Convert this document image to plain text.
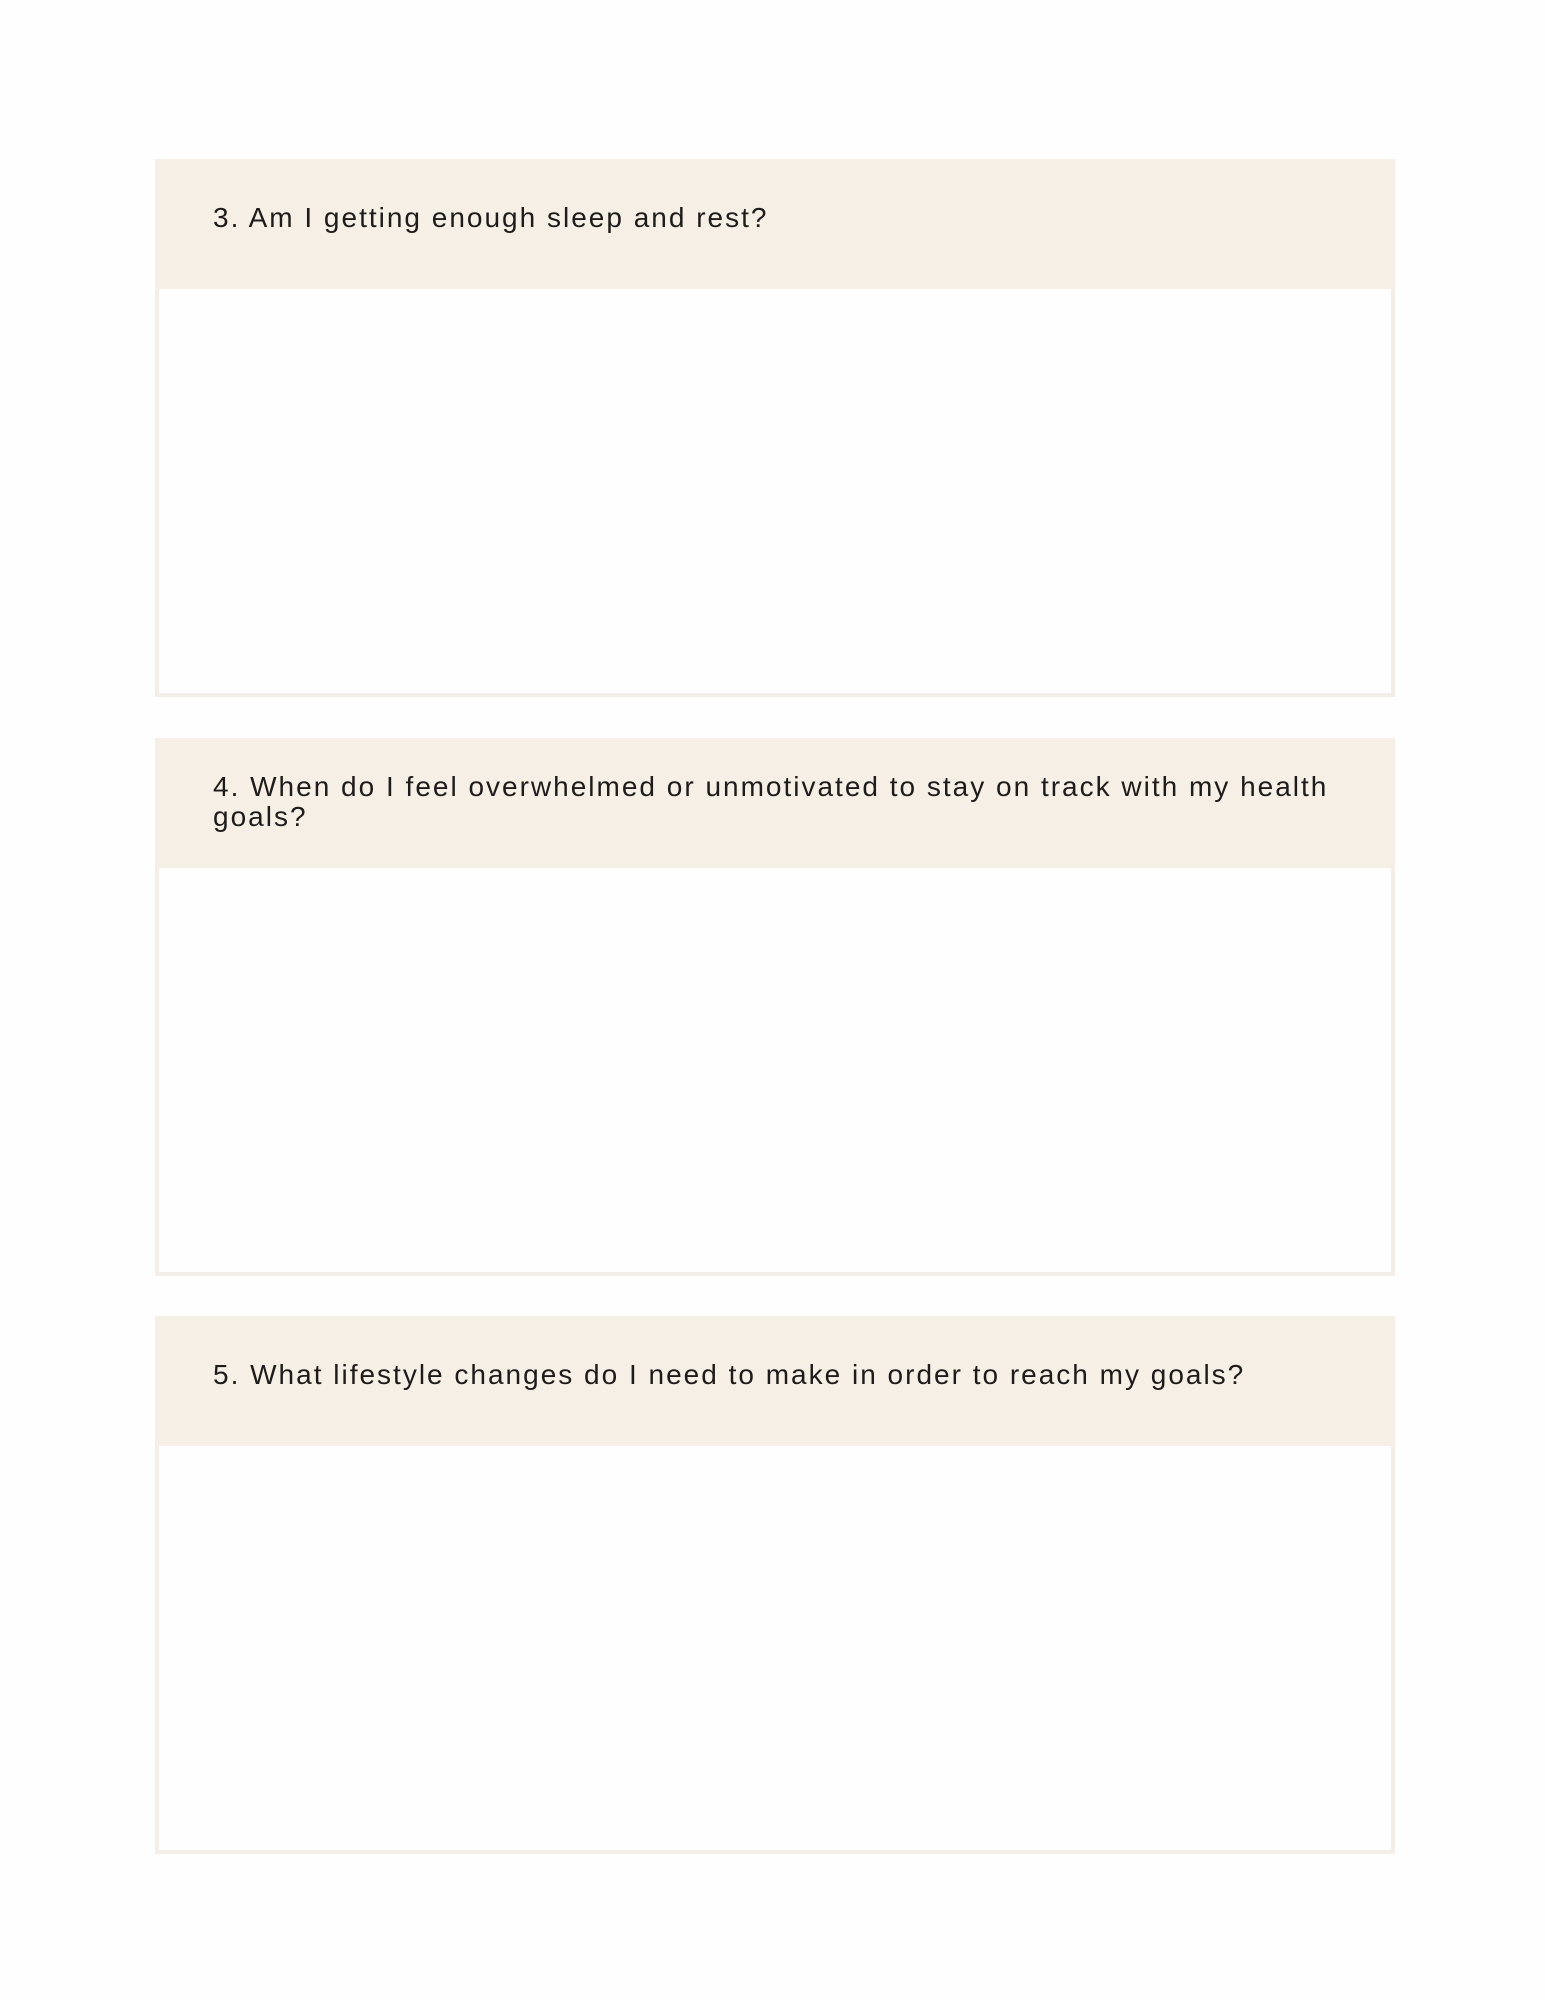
3. Am I getting enough sleep and rest?

4. When do I feel overwhelmed or unmotivated to stay on track with my health goals?

5. What lifestyle changes do I need to make in order to reach my goals?
